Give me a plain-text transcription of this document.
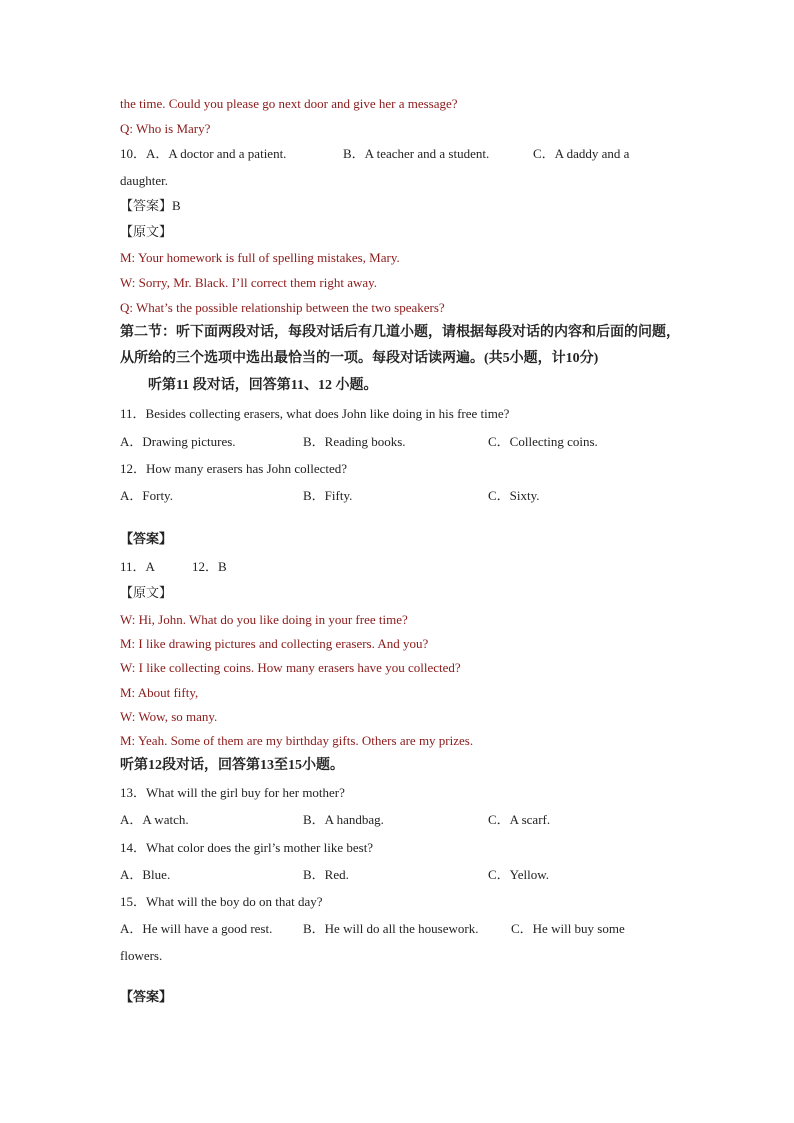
the time. Could you please go next door and give her a message?
Q: Who is Mary?
10．A．A doctor and a patient.	B．A teacher and a student.	C．A daddy and a
daughter.
【答案】B
【原文】
M: Your homework is full of spelling mistakes, Mary.
W: Sorry, Mr. Black. I’ll correct them right away.
Q: What’s the possible relationship between the two speakers?
第二节：听下面两段对话，每段对话后有几道小题，请根据每段对话的内容和后面的问题，
从所给的三个选项中选出最恰当的一项。每段对话读两遍。(共5小题，计10分)
听第11 段对话，回答第11、12 小题。
11．Besides collecting erasers, what does John like doing in his free time?
A．Drawing pictures.	B．Reading books.	C．Collecting coins.
12．How many erasers has John collected?
A．Forty.	B．Fifty.	C．Sixty.
【答案】
11．A	12．B
【原文】
W: Hi, John. What do you like doing in your free time?
M: I like drawing pictures and collecting erasers. And you?
W: I like collecting coins. How many erasers have you collected?
M: About fifty,
W: Wow, so many.
M: Yeah. Some of them are my birthday gifts. Others are my prizes.
听第12段对话，回答第13至15小题。
13．What will the girl buy for her mother?
A．A watch.	B．A handbag.	C．A scarf.
14．What color does the girl’s mother like best?
A．Blue.	B．Red.	C．Yellow.
15．What will the boy do on that day?
A．He will have a good rest. B．He will do all the housework.	C．He will buy some
flowers.
【答案】
